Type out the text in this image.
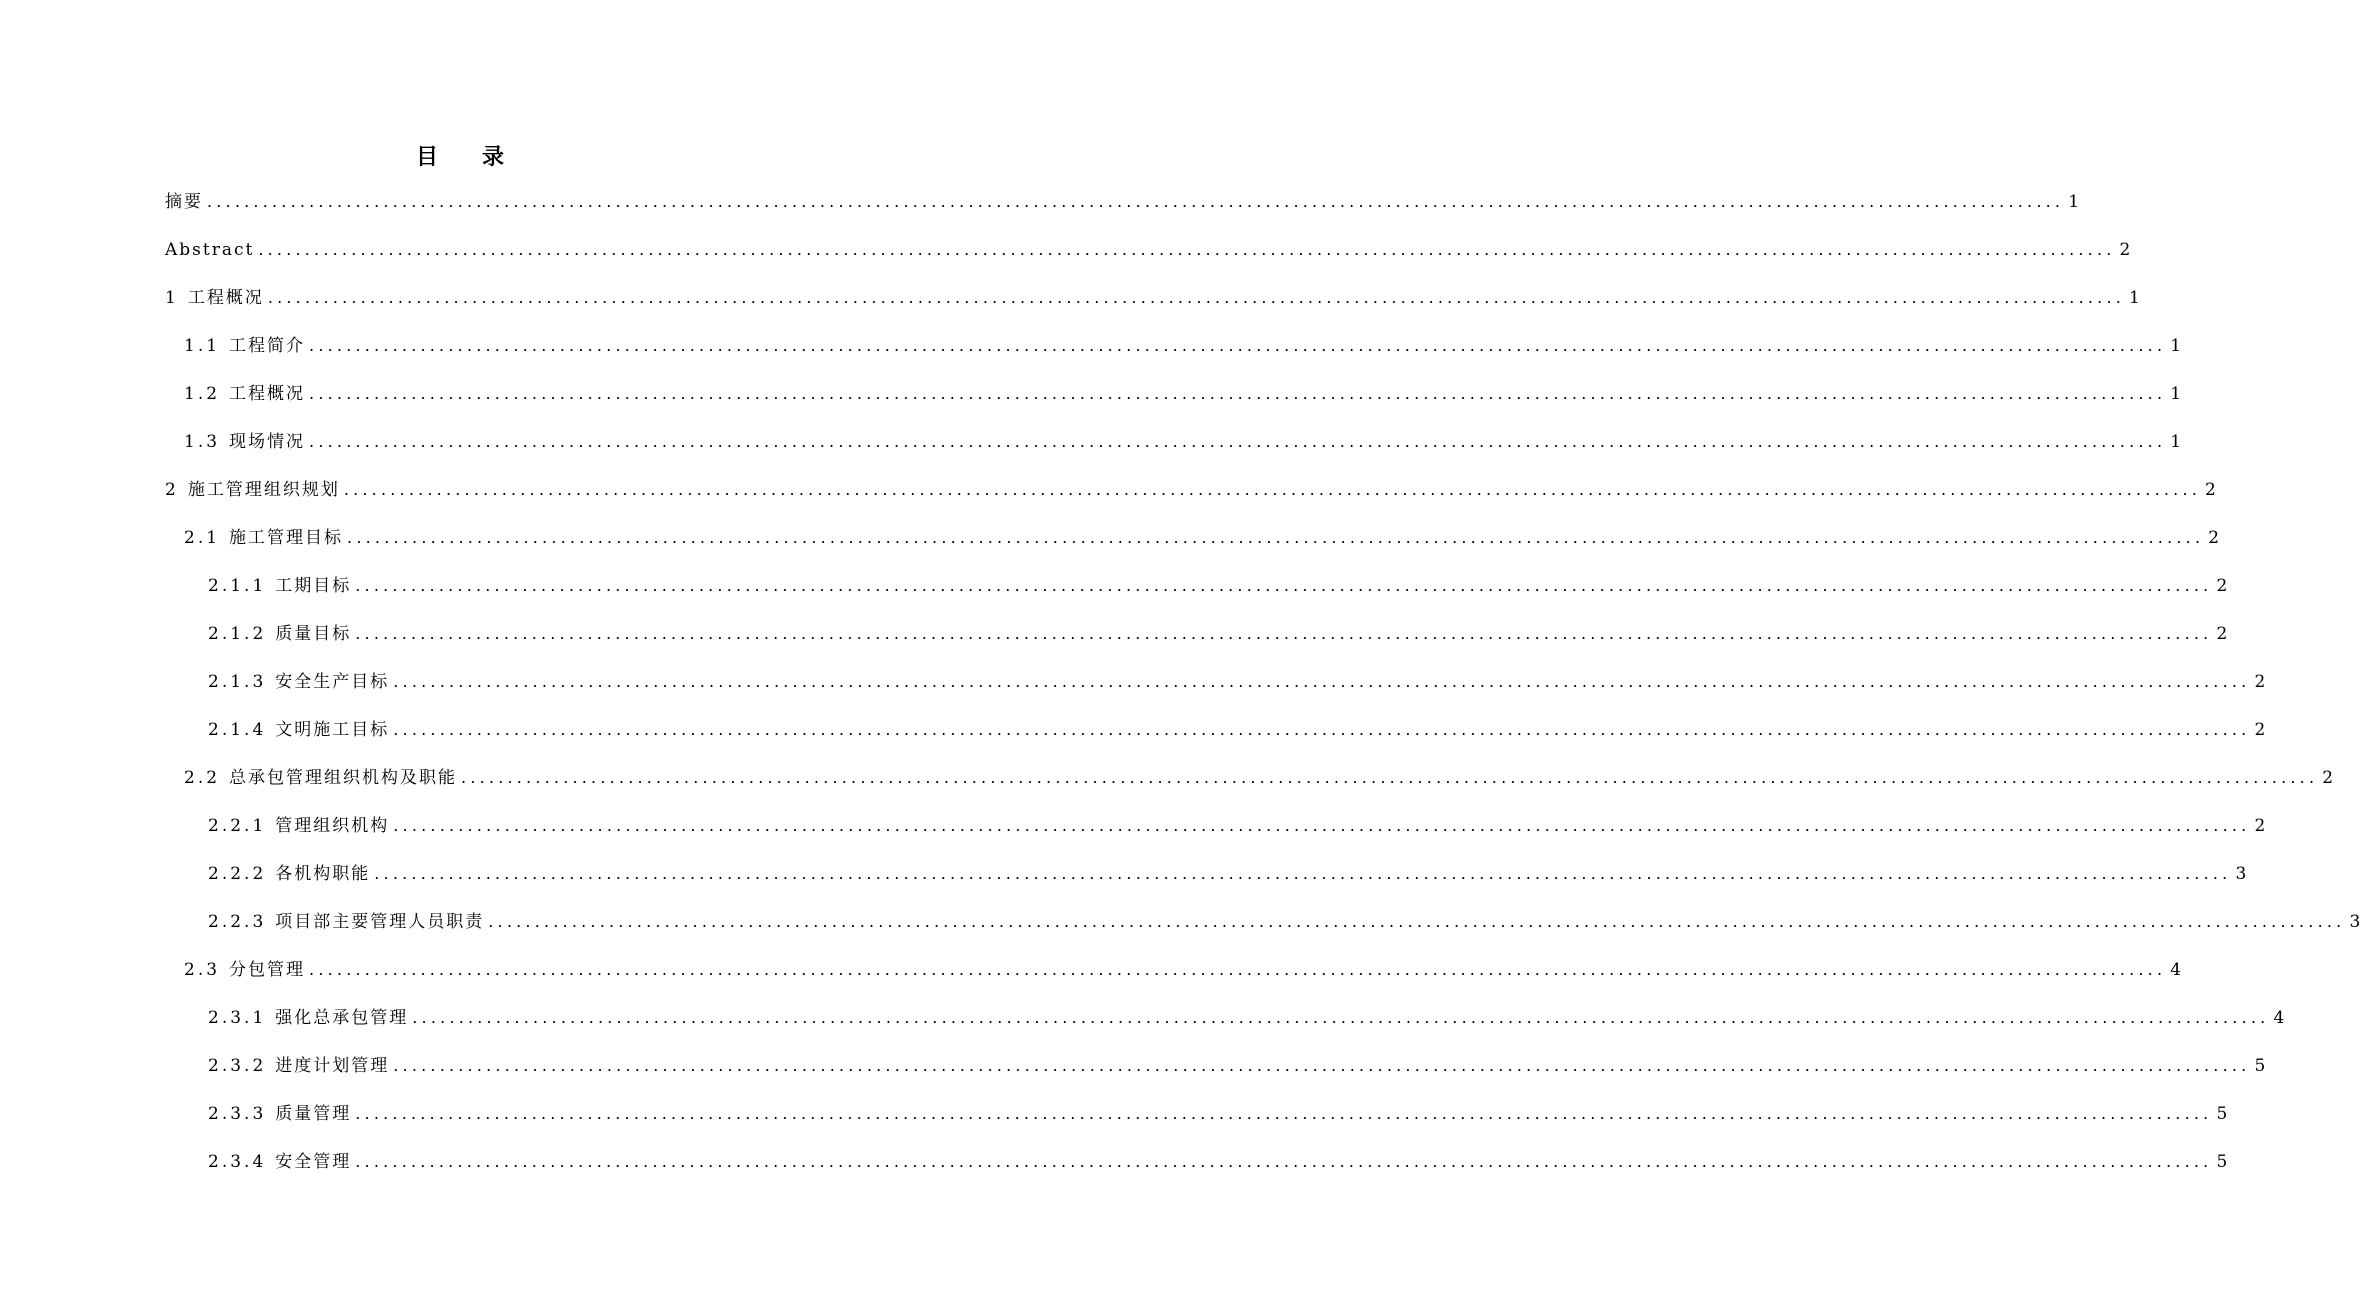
目 录
摘要 ........................................................................................................................................................................................................ 1
Abstract ........................................................................................................................................................................................................ 2
1 工程概况 ........................................................................................................................................................................................................ 1
1.1 工程简介 ........................................................................................................................................................................................................ 1
1.2 工程概况 ........................................................................................................................................................................................................ 1
1.3 现场情况 ........................................................................................................................................................................................................ 1
2 施工管理组织规划 ........................................................................................................................................................................................................ 2
2.1 施工管理目标 ........................................................................................................................................................................................................ 2
2.1.1 工期目标 ........................................................................................................................................................................................................ 2
2.1.2 质量目标 ........................................................................................................................................................................................................ 2
2.1.3 安全生产目标 ........................................................................................................................................................................................................ 2
2.1.4 文明施工目标 ........................................................................................................................................................................................................ 2
2.2 总承包管理组织机构及职能 ........................................................................................................................................................................................................ 2
2.2.1 管理组织机构 ........................................................................................................................................................................................................ 2
2.2.2 各机构职能 ........................................................................................................................................................................................................ 3
2.2.3 项目部主要管理人员职责 ........................................................................................................................................................................................................ 3
2.3 分包管理 ........................................................................................................................................................................................................ 4
2.3.1 强化总承包管理 ........................................................................................................................................................................................................ 4
2.3.2 进度计划管理 ........................................................................................................................................................................................................ 5
2.3.3 质量管理 ........................................................................................................................................................................................................ 5
2.3.4 安全管理 ........................................................................................................................................................................................................ 5
